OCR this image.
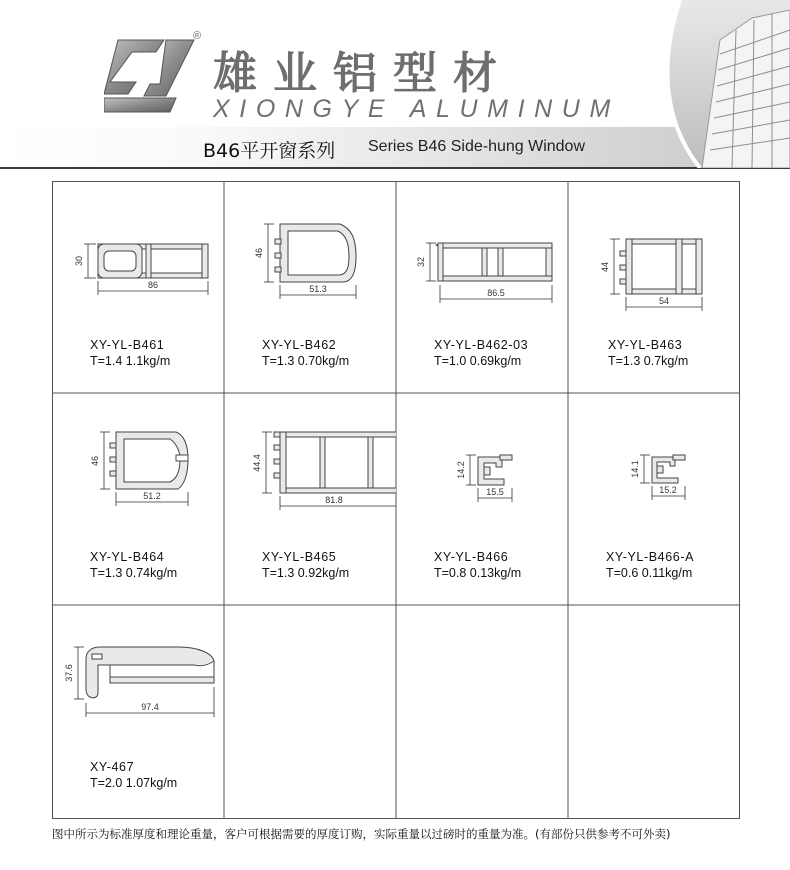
®
雄业铝型材
XIONGYE ALUMINUM
B46平开窗系列 Series B46 Side-hung Window
30
86
XY-YL-B461
T=1.4 1.1kg/m
46
51.3
XY-YL-B462
T=1.3 0.70kg/m
32
86.5
XY-YL-B462-03
T=1.0 0.69kg/m
44
54
XY-YL-B463
T=1.3 0.7kg/m
46
51.2
XY-YL-B464
T=1.3 0.74kg/m
44.4
81.8
XY-YL-B465
T=1.3 0.92kg/m
14.2
15.5
XY-YL-B466
T=0.8 0.13kg/m
14.1
15.2
XY-YL-B466-A
T=0.6 0.11kg/m
37.6
97.4
XY-467
T=2.0 1.07kg/m
图中所示为标准厚度和理论重量，客户可根据需要的厚度订购，实际重量以过磅时的重量为准。(有部份只供参考不可外卖)
